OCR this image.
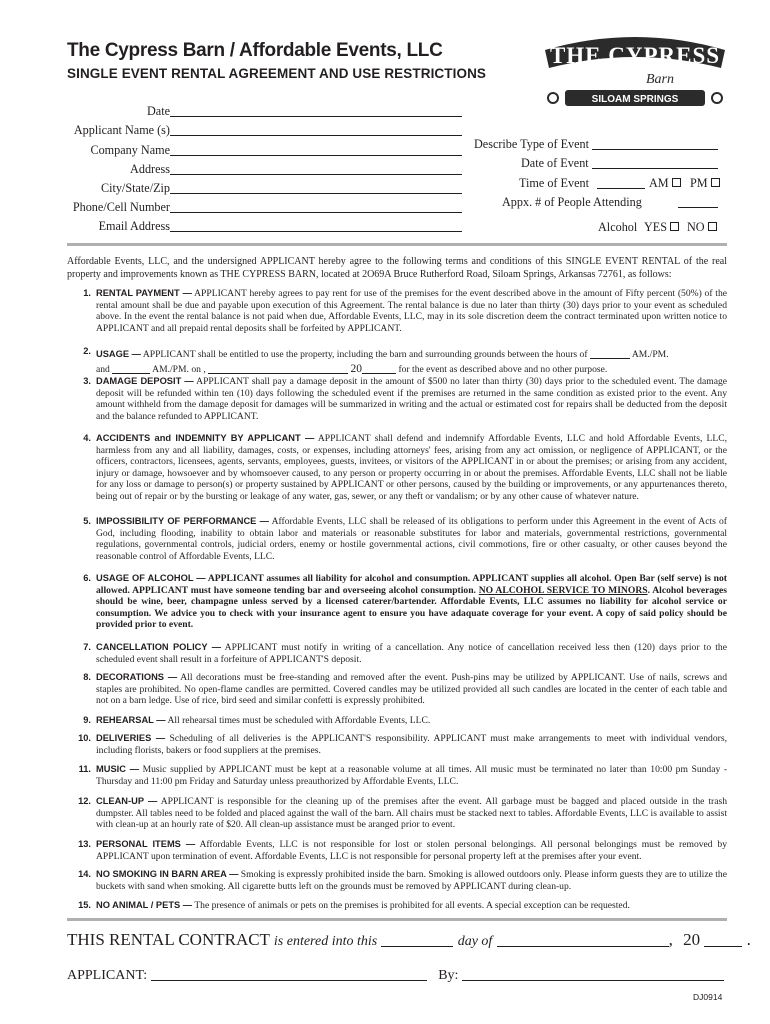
The Cypress Barn / Affordable Events, LLC
SINGLE EVENT RENTAL AGREEMENT AND USE RESTRICTIONS
THE CYPRESS
Barn
SILOAM SPRINGS
Date
Applicant Name (s)
Company Name
Address
City/State/Zip
Phone/Cell Number
Email Address
Describe Type of Event
Date of Event
Time of Event	AM	PM
Appx. # of People Attending
Alcohol YES	NO
Affordable Events, LLC, and the undersigned APPLICANT hereby agree to the following terms and conditions of this SINGLE EVENT RENTAL of the real property and improvements known as THE CYPRESS BARN, located at 2O69A Bruce Rutherford Road, Siloam Springs, Arkansas 72761, as follows:
1. RENTAL PAYMENT — APPLICANT hereby agrees to pay rent for use of the premises for the event described above in the amount of Fifty percent (50%) of the rental amount shall be due and payable upon execution of this Agreement. The rental balance is due no later than thirty (30) days prior to your event as scheduled above. In the event the rental balance is not paid when due, Affordable Events, LLC, may in its sole discretion deem the contract terminated upon written notice to APPLICANT and all prepaid rental deposits shall be forfeited by APPLICANT.
2. USAGE — APPLICANT shall be entitled to use the property, including the barn and surrounding grounds between the hours of	AM./PM.
and	AM./PM. on ,	20	for the event as described above and no other purpose.
3. DAMAGE DEPOSIT — APPLICANT shall pay a damage deposit in the amount of $500 no later than thirty (30) days prior to the scheduled event. The damage deposit will be refunded within ten (10) days following the scheduled event if the premises are returned in the same condition as existed prior to the event. Any amount withheld from the damage deposit for damages will be summarized in writing and the actual or estimated cost for repairs shall be deducted from the deposit and the balance refunded to APPLICANT.
4. ACCIDENTS and INDEMNITY BY APPLICANT — APPLICANT shall defend and indemnify Affordable Events, LLC and hold Affordable Events, LLC, harmless from any and all liability, damages, costs, or expenses, including attorneys' fees, arising from any act omission, or negligence of APPLICANT, or the officers, contractors, licensees, agents, servants, employees, guests, invitees, or visitors of the APPLICANT in or about the premises; or arising from any accident, injury or damage, howsoever and by whomsoever caused, to any person or property occurring in or about the premises. Affordable Events, LLC shall not be liable for any loss or damage to person(s) or property sustained by APPLICANT or other persons, caused by the building or improvements, or any appurtenances thereto, being out of repair or by the bursting or leakage of any water, gas, sewer, or any theft or vandalism; or by any other cause of whatever nature.
5. IMPOSSIBILITY OF PERFORMANCE — Affordable Events, LLC shall be released of its obligations to perform under this Agreement in the event of Acts of God, including flooding, inability to obtain labor and materials or reasonable substitutes for labor and materials, governmental restrictions, governmental regulations, governmental controls, judicial orders, enemy or hostile governmental actions, civil commotions, fire or other casualty, or other causes beyond the reasonable control of Affordable Events, LLC.
6. USAGE OF ALCOHOL — APPLICANT assumes all liability for alcohol and consumption. APPLICANT supplies all alcohol. Open Bar (self serve) is not allowed. APPLICANT must have someone tending bar and overseeing alcohol consumption. NO ALCOHOL SERVICE TO MINORS. Alcohol beverages should be wine, beer, champagne unless served by a licensed caterer/bartender. Affordable Events, LLC assumes no liability for alcohol service or consumption. We advice you to check with your insurance agent to ensure you have adaquate coverage for your event. A copy of said policy should be provided prior to event.
7. CANCELLATION POLICY — APPLICANT must notify in writing of a cancellation. Any notice of cancellation received less then (120) days prior to the scheduled event shall result in a forfeiture of APPLICANT'S deposit.
8. DECORATIONS — All decorations must be free-standing and removed after the event. Push-pins may be utilized by APPLICANT. Use of nails, screws and staples are prohibited. No open-flame candles are permitted. Covered candles may be utilized provided all such candles are located in the center of each table and not on a barn ledge. Use of rice, bird seed and similar confetti is expressly prohibited.
9. REHEARSAL — All rehearsal times must be scheduled with Affordable Events, LLC.
10. DELIVERIES — Scheduling of all deliveries is the APPLICANT'S responsibility. APPLICANT must make arrangements to meet with individual vendors, including florists, bakers or food suppliers at the premises.
11. MUSIC — Music supplied by APPLICANT must be kept at a reasonable volume at all times. All music must be terminated no later than 10:00 pm Sunday -Thursday and 11:00 pm Friday and Saturday unless preauthorized by Affordable Events, LLC.
12. CLEAN-UP — APPLICANT is responsible for the cleaning up of the premises after the event. All garbage must be bagged and placed outside in the trash dumpster. All tables need to be folded and placed against the wall of the barn. All chairs must be stacked next to tables. Affordable Events, LLC is available to assist with clean-up at an hourly rate of $20. All clean-up assistance must be aranged prior to event.
13. PERSONAL ITEMS — Affordable Events, LLC is not responsible for lost or stolen personal belongings. All personal belongings must be removed by APPLICANT upon termination of event. Affordable Events, LLC is not responsible for personal property left at the premises after your event.
14. NO SMOKING IN BARN AREA — Smoking is expressly prohibited inside the barn. Smoking is allowed outdoors only. Please inform guests they are to utilize the buckets with sand when smoking. All cigarette butts left on the grounds must be removed by APPLICANT during clean-up.
15. NO ANIMAL / PETS — The presence of animals or pets on the premises is prohibited for all events. A special exception can be requested.
THIS RENTAL CONTRACT is entered into this	day of	, 20	.
APPLICANT:	By:
DJ0914
